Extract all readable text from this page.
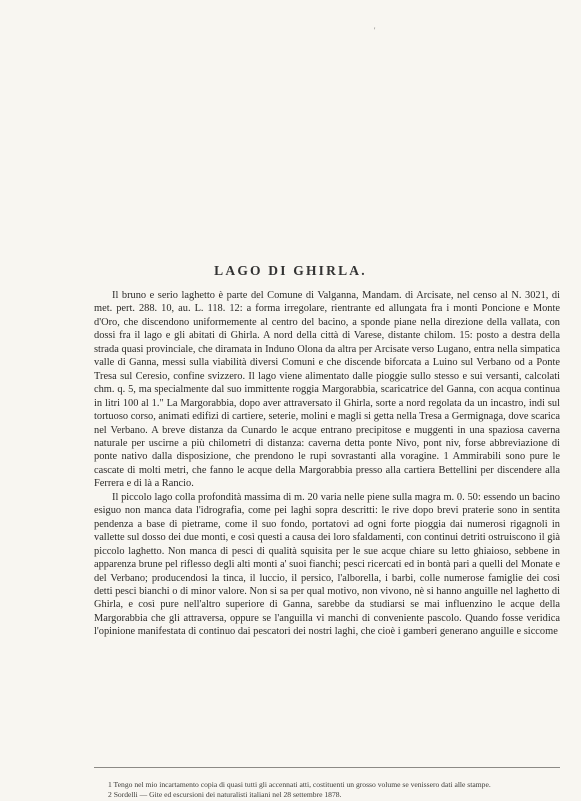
'
LAGO DI GHIRLA.

Il bruno e serio laghetto è parte del Comune di Valganna, Mandam. di Arcisate, nel censo al N. 3021, di met. pert. 288. 10, au. L. 118. 12: a forma irregolare, rientrante ed allungata fra i monti Poncione e Monte d'Oro, che discendono uniformemente al centro del bacino, a sponde piane nella direzione della vallata, con dossi fra il lago e gli abitati di Ghirla. A nord della città di Varese, distante chilom. 15: posto a destra della strada quasi provinciale, che diramata in Induno Olona da altra per Arcisate verso Lugano, entra nella simpatica valle di Ganna, messi sulla viabilità diversi Comuni e che discende biforcata a Luino sul Verbano od a Ponte Tresa sul Ceresio, confine svizzero. Il lago viene alimentato dalle pioggie sullo stesso e sui versanti, calcolati chm. q. 5, ma specialmente dal suo immittente roggia Margorabbia, scaricatrice del Ganna, con acqua continua in litri 100 al 1." La Margorabbia, dopo aver attraversato il Ghirla, sorte a nord regolata da un incastro, indi sul tortuoso corso, animati edifizi di cartiere, seterie, molini e magli si getta nella Tresa a Germignaga, dove scarica nel Verbano. A breve distanza da Cunardo le acque entrano precipitose e muggenti in una spaziosa caverna naturale per uscirne a più chilometri di distanza: caverna detta ponte Nivo, pont niv, forse abbreviazione di ponte nativo dalla disposizione, che prendono le rupi sovrastanti alla voragine. 1 Ammirabili sono pure le cascate di molti metri, che fanno le acque della Margorabbia presso alla cartiera Bettellini per discendere alla Ferrera e di là a Rancio.

Il piccolo lago colla profondità massima di m. 20 varia nelle piene sulla magra m. 0. 50: essendo un bacino esiguo non manca data l'idrografia, come pei laghi sopra descritti: le rive dopo brevi praterie sono in sentita pendenza a base di pietrame, come il suo fondo, portatovi ad ogni forte pioggia dai numerosi rigagnoli in vallette sul dosso dei due monti, e così questi a causa dei loro sfaldamenti, con continui detriti ostruiscono il già piccolo laghetto. Non manca di pesci di qualità squisita per le sue acque chiare su letto ghiaioso, sebbene in apparenza brune pel riflesso degli alti monti a' suoi fianchi; pesci ricercati ed in bontà pari a quelli del Monate e del Verbano; producendosi la tinca, il luccio, il persico, l'alborella, i barbi, colle numerose famiglie dei così detti pesci bianchi o di minor valore. Non si sa per qual motivo, non vivono, nè si hanno anguille nel laghetto di Ghirla, e così pure nell'altro superiore di Ganna, sarebbe da studiarsi se mai influenzino le acque della Margorabbia che gli attraversa, oppure se l'anguilla vi manchi di conveniente pascolo. Quando fosse veridica l'opinione manifestata di continuo dai pescatori dei nostri laghi, che cioè i gamberi generano anguille e siccome

1 Tengo nel mio incartamento copia di quasi tutti gli accennati atti, costituenti un grosso volume se venissero dati alle stampe.
2 Sordelli — Gite ed escursioni dei naturalisti italiani nel 28 settembre 1878.
